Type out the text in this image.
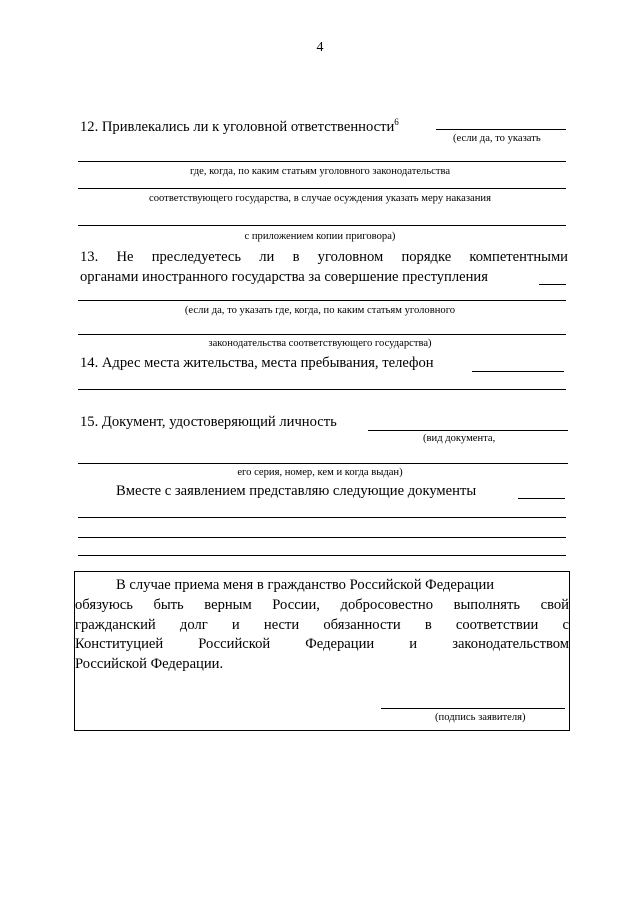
4
12. Привлекались ли к уголовной ответственности$^6$
(если да, то указать
где, когда, по каким статьям уголовного законодательства
соответствующего государства, в случае осуждения указать меру наказания
с приложением копии приговора)
13. Не преследуетесь ли в уголовном порядке компетентными
органами иностранного государства за совершение преступления
(если да, то указать где, когда, по каким статьям уголовного
законодательства соответствующего государства)
14. Адрес места жительства, места пребывания, телефон
15. Документ, удостоверяющий личность
(вид документа,
его серия, номер, кем и когда выдан)
Вместе с заявлением представляю следующие документы
В случае приема меня в гражданство Российской Федерации
обязуюсь быть верным России, добросовестно выполнять свой
гражданский долг и нести обязанности в соответствии с
Конституцией Российской Федерации и законодательством
Российской Федерации.
(подпись заявителя)
